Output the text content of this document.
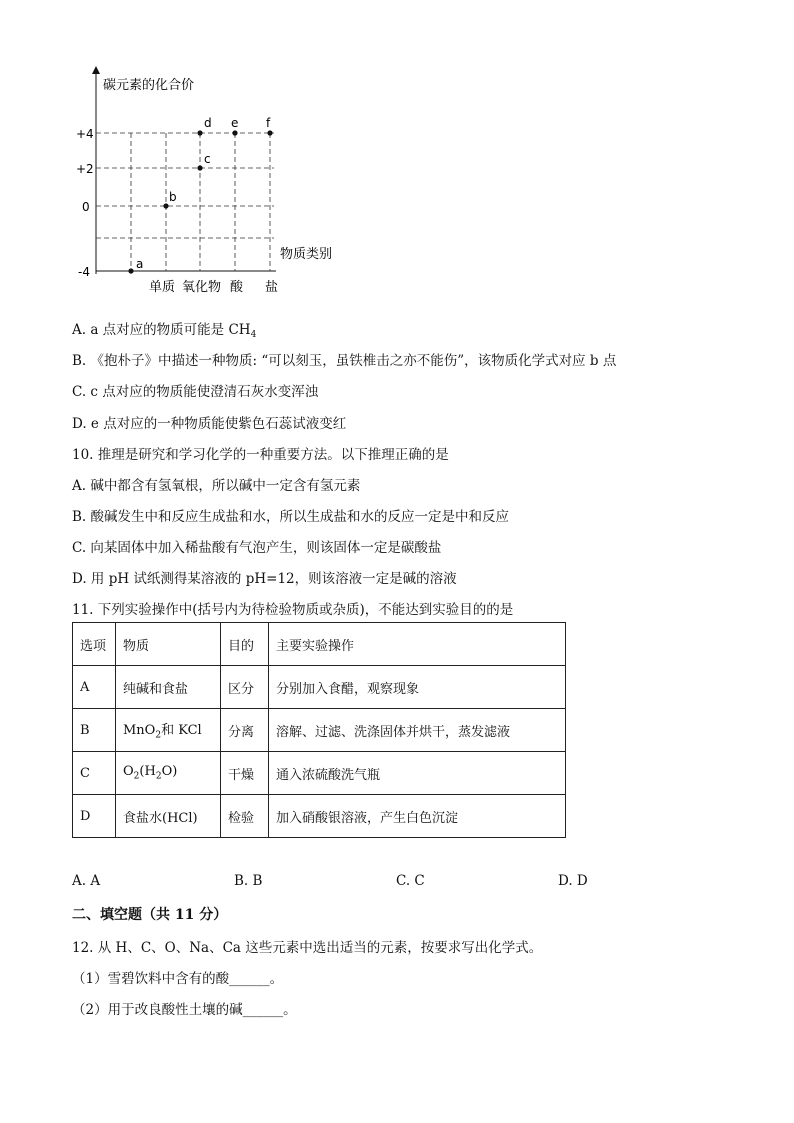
碳元素的化合价
物质类别
+4
+2
0
-4
单质 氧化物 酸 盐
a
b
c
d e f
A. a 点对应的物质可能是 $CH_4$
B. 《抱朴子》中描述一种物质: “可以刻玉，虽铁椎击之亦不能伤”，该物质化学式对应 b 点
C. c 点对应的物质能使澄清石灰水变浑浊
D. e 点对应的一种物质能使紫色石蕊试液变红
10. 推理是研究和学习化学的一种重要方法。以下推理正确的是
A. 碱中都含有氢氧根，所以碱中一定含有氢元素
B. 酸碱发生中和反应生成盐和水，所以生成盐和水的反应一定是中和反应
C. 向某固体中加入稀盐酸有气泡产生，则该固体一定是碳酸盐
D. 用 pH 试纸测得某溶液的 pH=12，则该溶液一定是碱的溶液
11. 下列实验操作中(括号内为待检验物质或杂质)，不能达到实验目的的是
选项	物质	目的	主要实验操作
A	纯碱和食盐	区分	分别加入食醋，观察现象
B	MnO$_2$和 KCl	分离	溶解、过滤、洗涤固体并烘干，蒸发滤液
C	$O_2(H_2O)$	干燥	通入浓硫酸洗气瓶
D	食盐水(HCl)	检验	加入硝酸银溶液，产生白色沉淀
A. A	B. B	C. C	D. D
二、填空题（共 11 分）
12. 从 H、C、O、Na、Ca 这些元素中选出适当的元素，按要求写出化学式。
（1）雪碧饮料中含有的酸______。
（2）用于改良酸性土壤的碱______。
